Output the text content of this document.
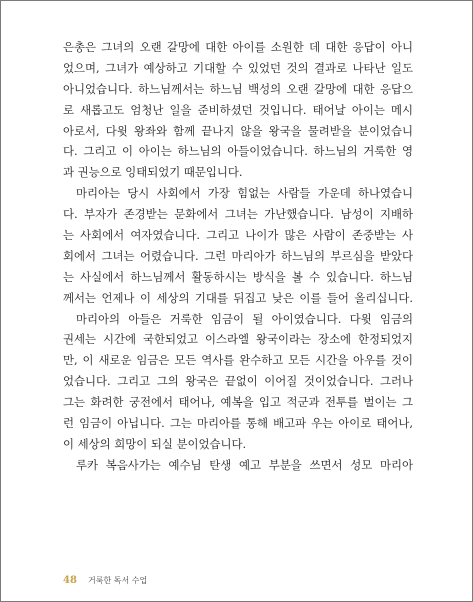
은총은 그녀의 오랜 갈망에 대한 아이를 소원한 데 대한 응답이 아니
었으며, 그녀가 예상하고 기대할 수 있었던 것의 결과로 나타난 일도
아니었습니다. 하느님께서는 하느님 백성의 오랜 갈망에 대한 응답으
로 새롭고도 엄청난 일을 준비하셨던 것입니다. 태어날 아이는 메시
아로서, 다윗 왕좌와 함께 끝나지 않을 왕국을 물려받을 분이었습니
다. 그리고 이 아이는 하느님의 아들이었습니다. 하느님의 거룩한 영
과 권능으로 잉태되었기 때문입니다.
마리아는 당시 사회에서 가장 힘없는 사람들 가운데 하나였습니
다. 부자가 존경받는 문화에서 그녀는 가난했습니다. 남성이 지배하
는 사회에서 여자였습니다. 그리고 나이가 많은 사람이 존중받는 사
회에서 그녀는 어렸습니다. 그런 마리아가 하느님의 부르심을 받았다
는 사실에서 하느님께서 활동하시는 방식을 볼 수 있습니다. 하느님
께서는 언제나 이 세상의 기대를 뒤집고 낮은 이를 들어 올리십니다.
마리아의 아들은 거룩한 임금이 될 아이였습니다. 다윗 임금의
권세는 시간에 국한되었고 이스라엘 왕국이라는 장소에 한정되었지
만, 이 새로운 임금은 모든 역사를 완수하고 모든 시간을 아우를 것이
었습니다. 그리고 그의 왕국은 끝없이 이어질 것이었습니다. 그러나
그는 화려한 궁전에서 태어나, 예복을 입고 적군과 전투를 벌이는 그
런 임금이 아닙니다. 그는 마리아를 통해 배고파 우는 아이로 태어나,
이 세상의 희망이 되실 분이었습니다.
루카 복음사가는 예수님 탄생 예고 부분을 쓰면서 성모 마리아
48 거룩한 독서 수업
